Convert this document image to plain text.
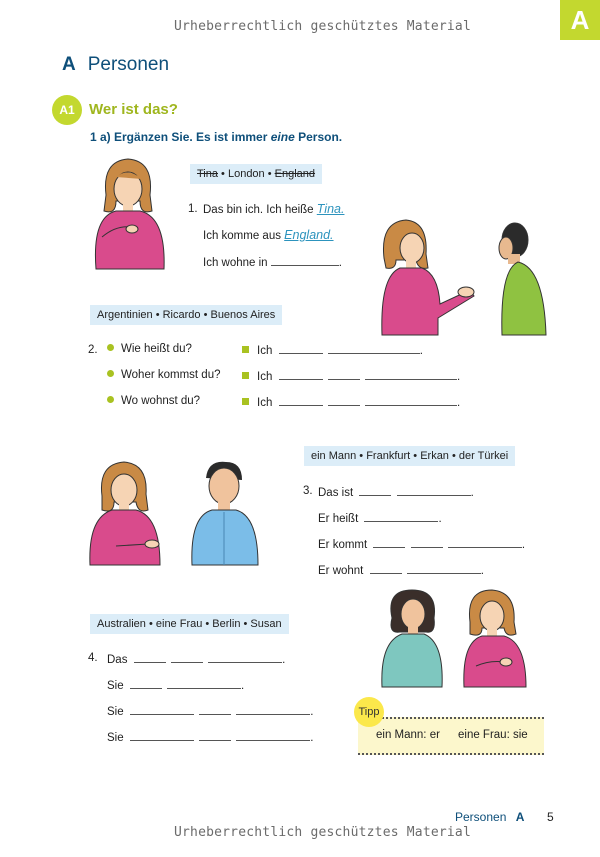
Urheberrechtlich geschütztes Material	A
A Personen
A1 Wer ist das?
1 a) Ergänzen Sie. Es ist immer eine Person.
Tina • London • England
1. Das bin ich. Ich heiße Tina.
Ich komme aus England.
Ich wohne in	.
Argentinien • Ricardo • Buenos Aires
2.	Wie heißt du?
Woher kommst du?
Wo wohnst du?
Ich	.
Ich	.
Ich	.
ein Mann • Frankfurt • Erkan • der Türkei
3. Das ist	.
Er heißt	.
Er kommt	.
Er wohnt	.
Australien • eine Frau • Berlin • Susan
4. Das	.
Sie	.
Sie	.
Sie	.	ein Mann: er eine Frau: sie
Tipp
Personen A 5
Urheberrechtlich geschütztes Material
